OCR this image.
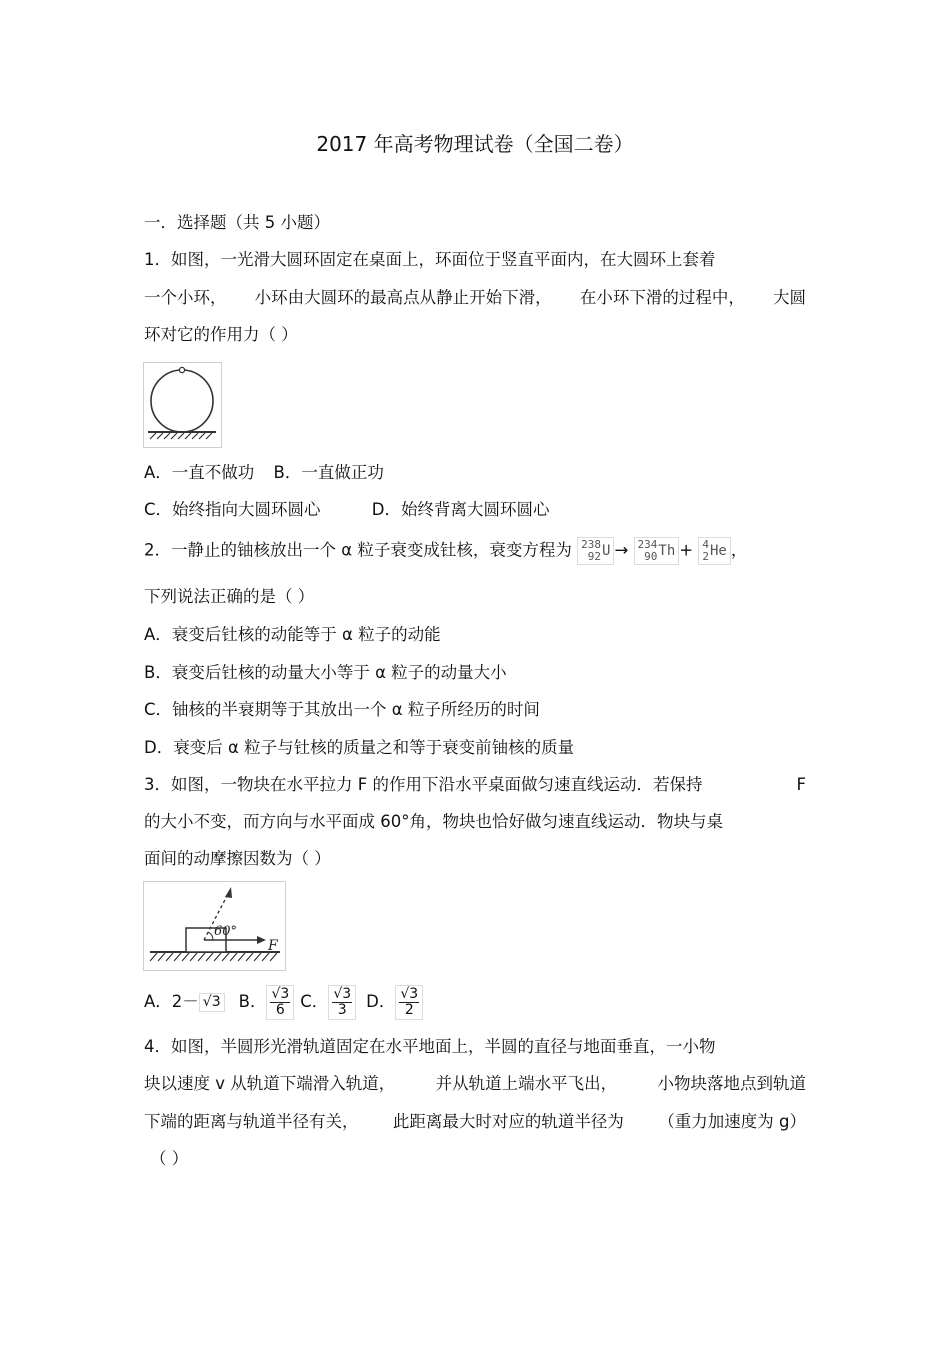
2017 年高考物理试卷（全国二卷）
一．选择题（共 5 小题）
1．如图，一光滑大圆环固定在桌面上，环面位于竖直平面内，在大圆环上套着
一个小环， 小环由大圆环的最高点从静止开始下滑， 在小环下滑的过程中， 大圆
环对它的作用力（ ）
A．一直不做功 B．一直做正功
C．始终指向大圆环圆心	D．始终背离大圆环圆心
2．一静止的铀核放出一个 α 粒子衰变成钍核，衰变方程为 238
92 U → 234
90 Th + 4
2 He ，
下列说法正确的是（ ）
A．衰变后钍核的动能等于 α 粒子的动能
B．衰变后钍核的动量大小等于 α 粒子的动量大小
C．铀核的半衰期等于其放出一个 α 粒子所经历的时间
D．衰变后 α 粒子与钍核的质量之和等于衰变前铀核的质量
3．如图，一物块在水平拉力 F 的作用下沿水平桌面做匀速直线运动．若保持	F
的大小不变，而方向与水平面成 60°角，物块也恰好做匀速直线运动．物块与桌
面间的动摩擦因数为（ ）
60°
F
A．2－ √3 B． $\frac{√3}{6}$ C． $\frac{√3}{3}$ D． $\frac{√3}{2}$
4．如图，半圆形光滑轨道固定在水平地面上，半圆的直径与地面垂直，一小物
块以速度 v 从轨道下端滑入轨道， 并从轨道上端水平飞出， 小物块落地点到轨道
下端的距离与轨道半径有关， 此距离最大时对应的轨道半径为 （重力加速度为 g）
（ ）
